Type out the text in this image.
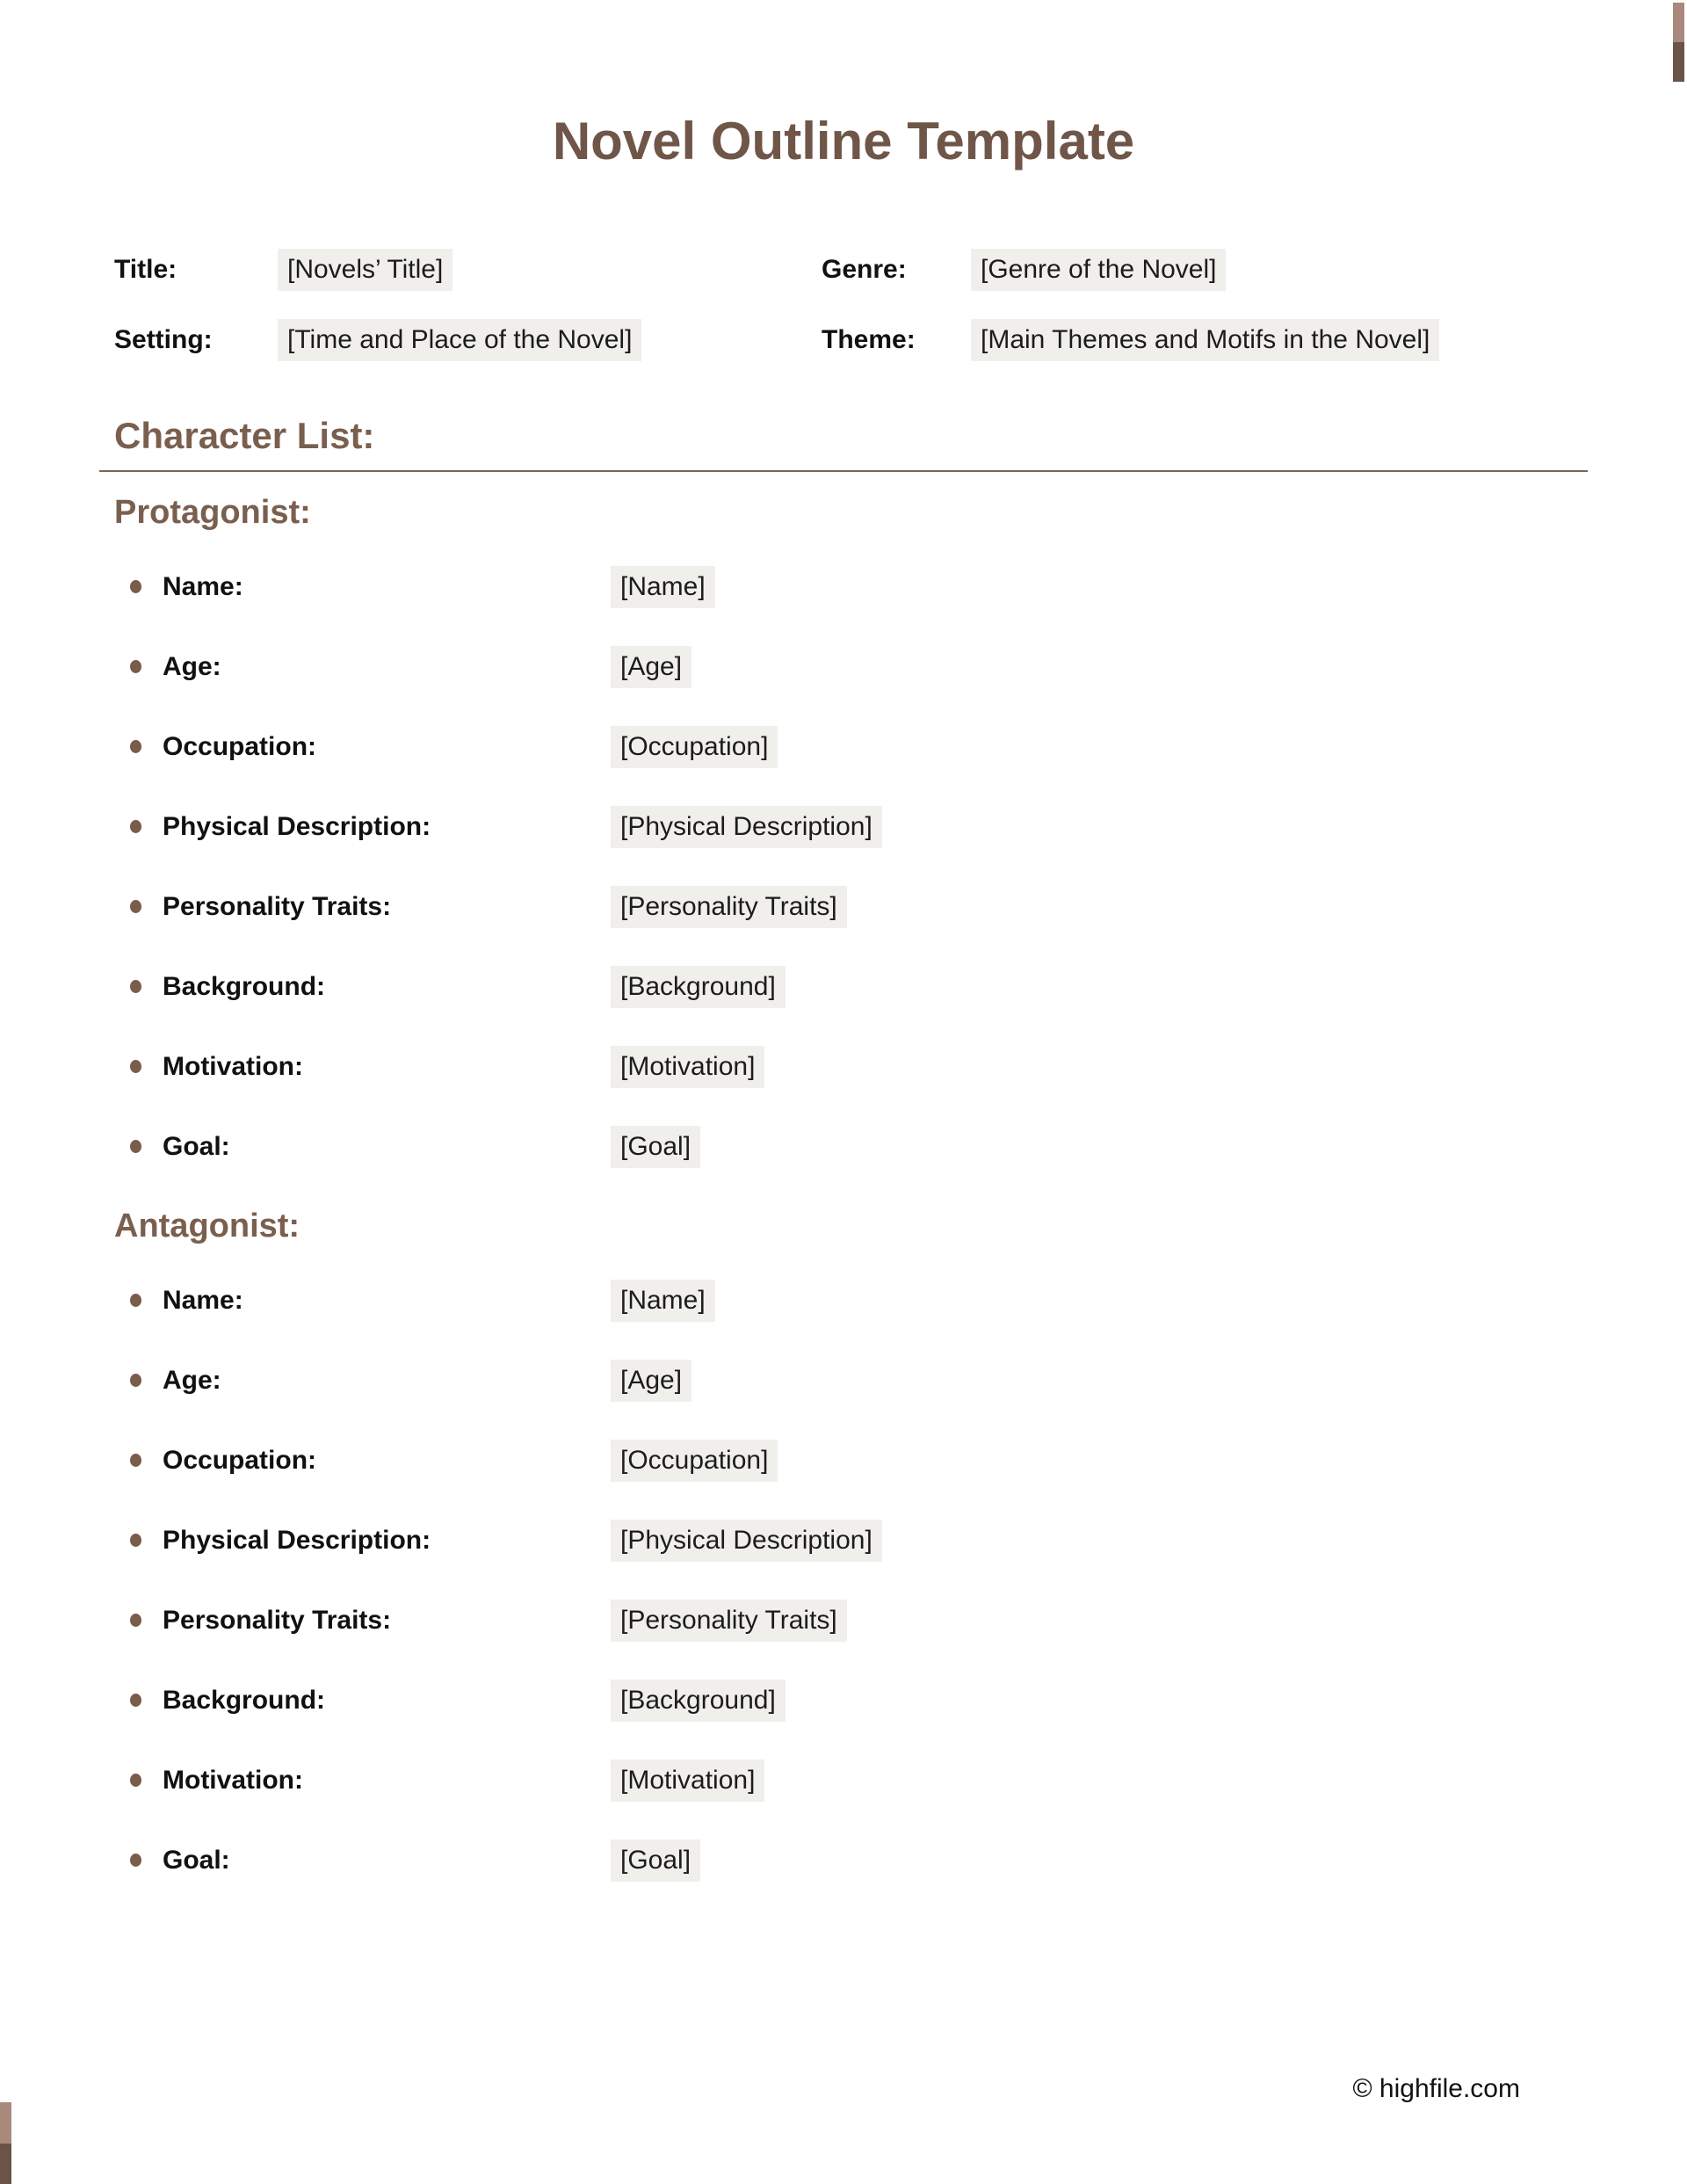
Novel Outline Template
Title:	[Novels’ Title]	Genre:	[Genre of the Novel]
Setting:	[Time and Place of the Novel]	Theme:	[Main Themes and Motifs in the Novel]
Character List:
Protagonist:
Name:	[Name]
Age:	[Age]
Occupation:	[Occupation]
Physical Description:	[Physical Description]
Personality Traits:	[Personality Traits]
Background:	[Background]
Motivation:	[Motivation]
Goal:	[Goal]
Antagonist:
Name:	[Name]
Age:	[Age]
Occupation:	[Occupation]
Physical Description:	[Physical Description]
Personality Traits:	[Personality Traits]
Background:	[Background]
Motivation:	[Motivation]
Goal:	[Goal]
© highfile.com
